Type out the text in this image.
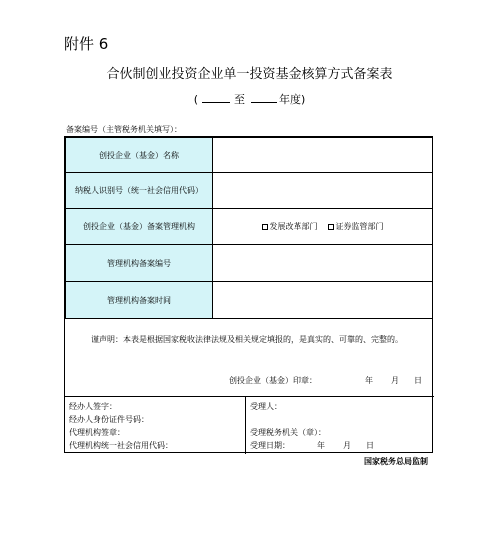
附件 6
合伙制创业投资企业单一投资基金核算方式备案表
(	至	年度)
备案编号（主管税务机关填写）：
创投企业（基金）名称
纳税人识别号（统一社会信用代码）
创投企业（基金）备案管理机构	发展改革部门	证券监管部门
管理机构备案编号
管理机构备案时间
谨声明：本表是根据国家税收法律法规及相关规定填报的，是真实的、可靠的、完整的。
创投企业（基金）印章：	年 月 日
经办人签字：
经办人身份证件号码：
代理机构签章：
代理机构统一社会信用代码：
受理人：
受理税务机关（章）：
受理日期：	年 月 日
国家税务总局监制
